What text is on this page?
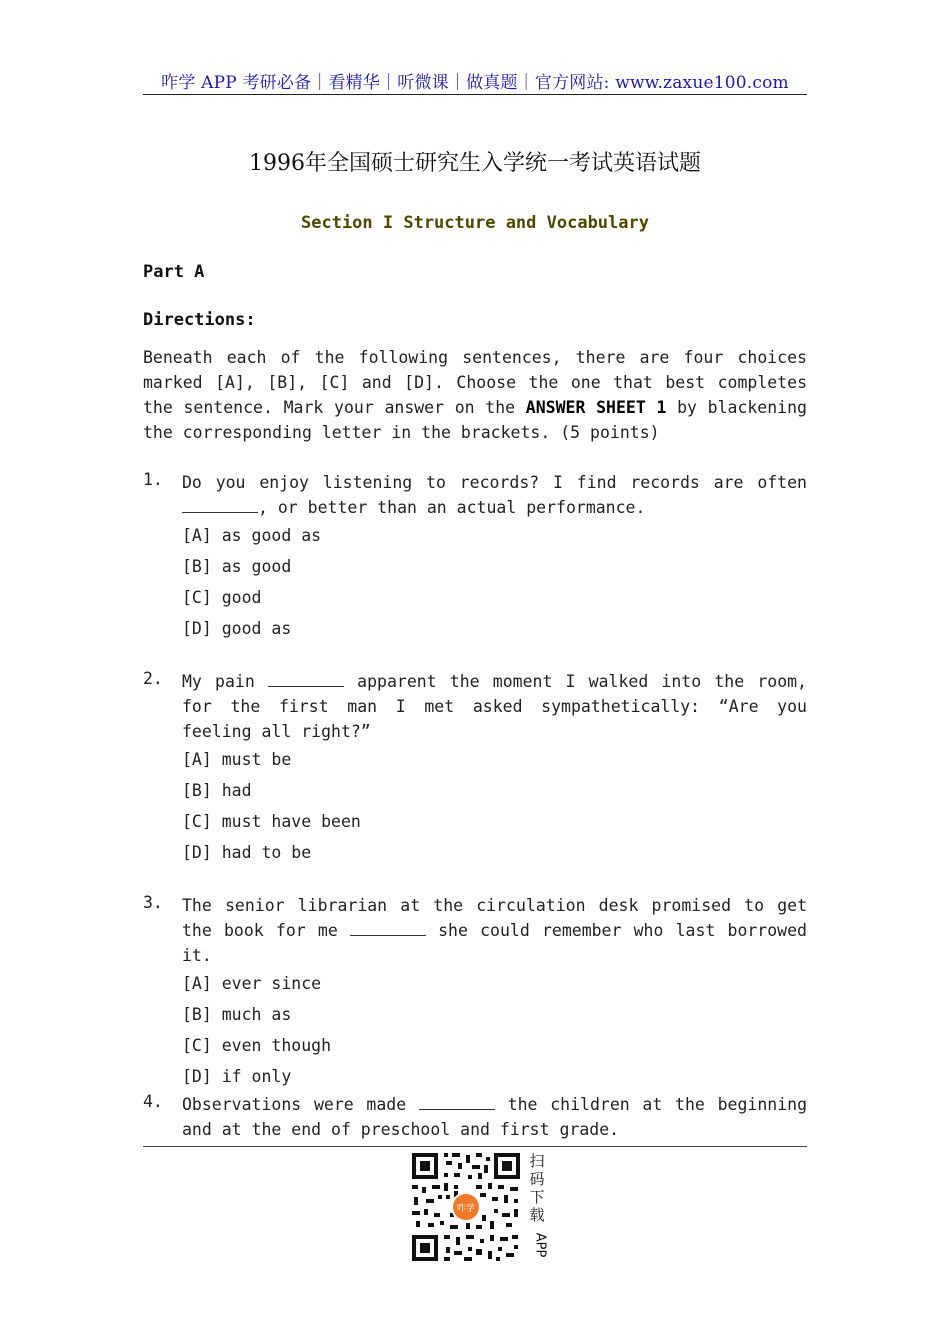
咋学 APP 考研必备｜看精华｜听微课｜做真题｜官方网站: www.zaxue100.com
1996年全国硕士研究生入学统一考试英语试题
Section I Structure and Vocabulary
Part A
Directions:
Beneath each of the following sentences, there are four choices marked [A], [B], [C] and [D]. Choose the one that best completes the sentence. Mark your answer on the ANSWER SHEET 1 by blackening the corresponding letter in the brackets. (5 points)
1.	Do you enjoy listening to records? I find records are often , or better than an actual performance.
[A] as good as
[B] as good
[C] good
[D] good as
2.	My pain	apparent the moment I walked into the room, for the first man I met asked sympathetically: “Are you feeling all right?”
[A] must be
[B] had
[C] must have been
[D] had to be
3.	The senior librarian at the circulation desk promised to get the book for me	she could remember who last borrowed it.
[A] ever since
[B] much as
[C] even though
[D] if only
4.	Observations were made	the children at the beginning and at the end of preschool and first grade.
咋学
扫
码
下
载
APP
